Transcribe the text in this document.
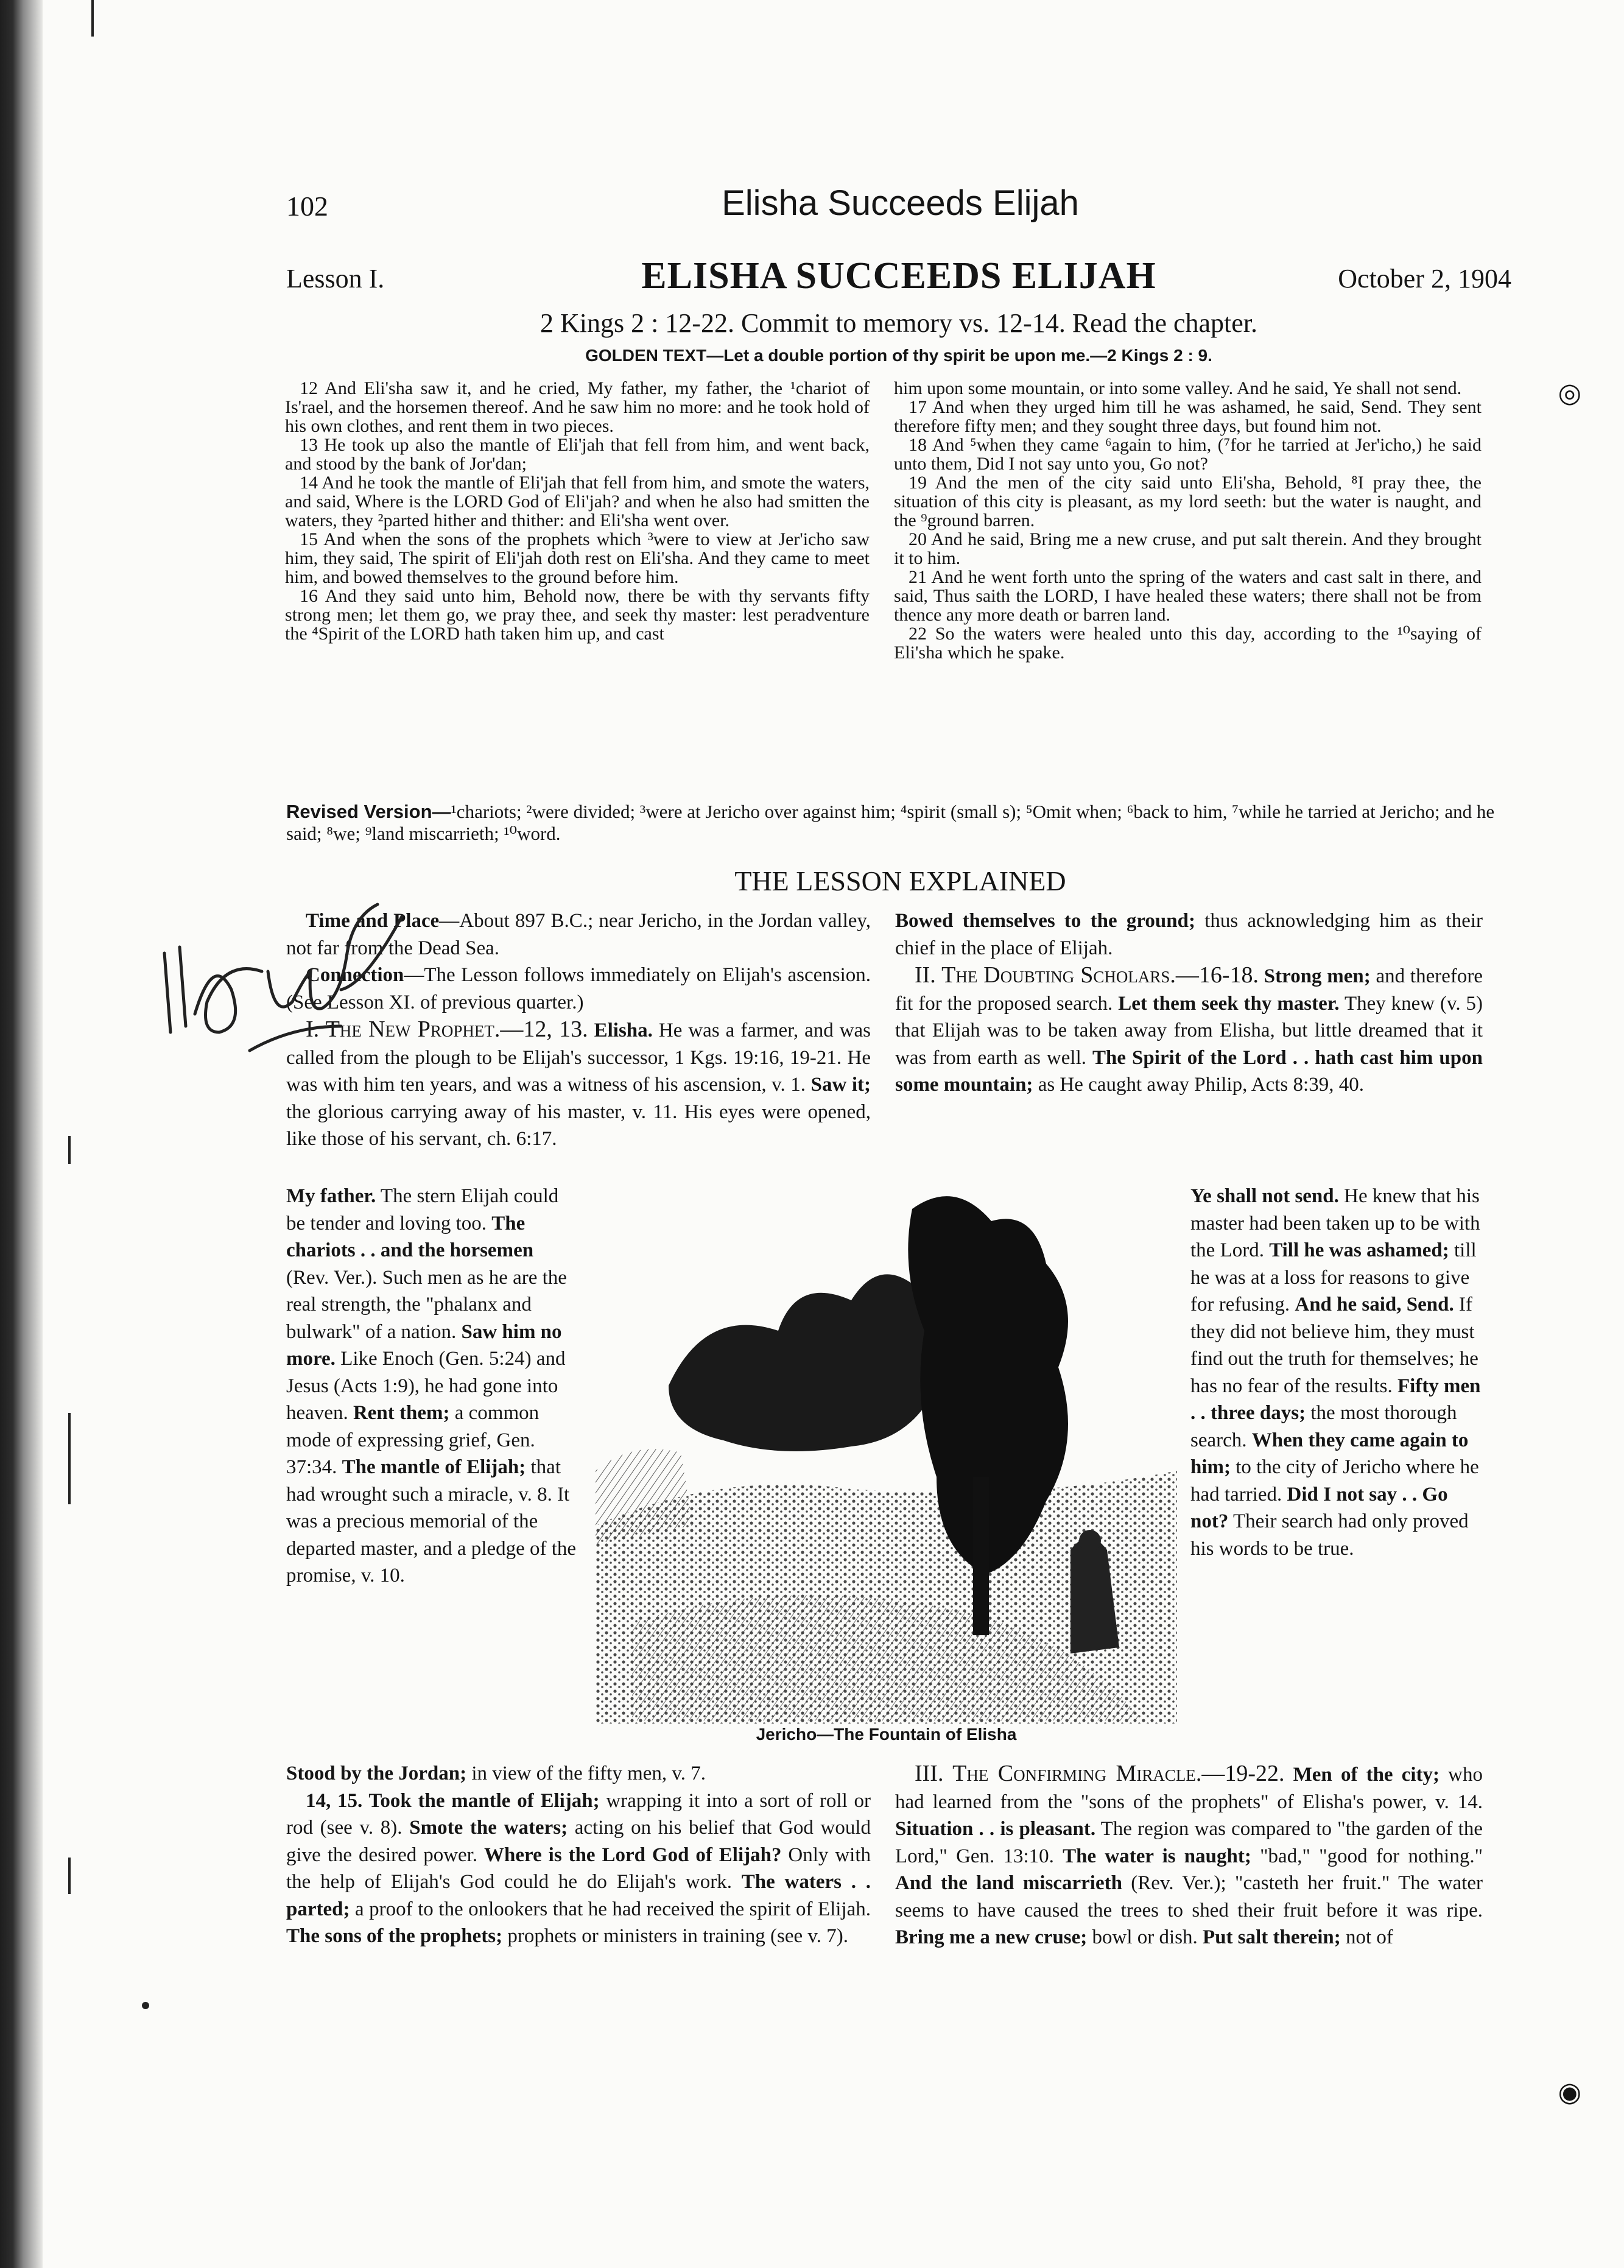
◎
◉
102	Elisha Succeeds Elijah
Lesson I.	ELISHA SUCCEEDS ELIJAH	October 2, 1904
2 Kings 2 : 12-22. Commit to memory vs. 12-14. Read the chapter.
GOLDEN TEXT—Let a double portion of thy spirit be upon me.—2 Kings 2 : 9.

12 And Eli'sha saw it, and he cried, My father, my father, the ¹chariot of Is'rael, and the horsemen thereof. And he saw him no more: and he took hold of his own clothes, and rent them in two pieces.

13 He took up also the mantle of Eli'jah that fell from him, and went back, and stood by the bank of Jor'dan;

14 And he took the mantle of Eli'jah that fell from him, and smote the waters, and said, Where is the LORD God of Eli'jah? and when he also had smitten the waters, they ²parted hither and thither: and Eli'sha went over.

15 And when the sons of the prophets which ³were to view at Jer'icho saw him, they said, The spirit of Eli'jah doth rest on Eli'sha. And they came to meet him, and bowed themselves to the ground before him.

16 And they said unto him, Behold now, there be with thy servants fifty strong men; let them go, we pray thee, and seek thy master: lest peradventure the ⁴Spirit of the LORD hath taken him up, and cast

him upon some mountain, or into some valley. And he said, Ye shall not send.

17 And when they urged him till he was ashamed, he said, Send. They sent therefore fifty men; and they sought three days, but found him not.

18 And ⁵when they came ⁶again to him, (⁷for he tarried at Jer'icho,) he said unto them, Did I not say unto you, Go not?

19 And the men of the city said unto Eli'sha, Behold, ⁸I pray thee, the situation of this city is pleasant, as my lord seeth: but the water is naught, and the ⁹ground barren.

20 And he said, Bring me a new cruse, and put salt therein. And they brought it to him.

21 And he went forth unto the spring of the waters and cast salt in there, and said, Thus saith the LORD, I have healed these waters; there shall not be from thence any more death or barren land.

22 So the waters were healed unto this day, according to the ¹⁰saying of Eli'sha which he spake.

Revised Version—¹chariots; ²were divided; ³were at Jericho over against him; ⁴spirit (small s); ⁵Omit when; ⁶back to him, ⁷while he tarried at Jericho; and he said; ⁸we; ⁹land miscarrieth; ¹⁰word.
THE LESSON EXPLAINED

Time and Place—About 897 B.C.; near Jericho, in the Jordan valley, not far from the Dead Sea.

Connection—The Lesson follows immediately on Elijah's ascension. (See Lesson XI. of previous quarter.)

I. The New Prophet.—12, 13. Elisha. He was a farmer, and was called from the plough to be Elijah's successor, 1 Kgs. 19:16, 19-21. He was with him ten years, and was a witness of his ascension, v. 1. Saw it; the glorious carrying away of his master, v. 11. His eyes were opened, like those of his servant, ch. 6:17.

My father. The stern Elijah could be tender and loving too. The chariots . . and the horsemen (Rev. Ver.). Such men as he are the real strength, the "phalanx and bulwark" of a nation. Saw him no more. Like Enoch (Gen. 5:24) and Jesus (Acts 1:9), he had gone into heaven. Rent them; a common mode of expressing grief, Gen. 37:34. The mantle of Elijah; that had wrought such a miracle, v. 8. It was a precious memorial of the departed master, and a pledge of the promise, v. 10.

Stood by the Jordan; in view of the fifty men, v. 7.

14, 15. Took the mantle of Elijah; wrapping it into a sort of roll or rod (see v. 8). Smote the waters; acting on his belief that God would give the desired power. Where is the Lord God of Elijah? Only with the help of Elijah's God could he do Elijah's work. The waters . . parted; a proof to the onlookers that he had received the spirit of Elijah. The sons of the prophets; prophets or ministers in training (see v. 7).

Bowed themselves to the ground; thus acknowledging him as their chief in the place of Elijah.

II. The Doubting Scholars.—16-18. Strong men; and therefore fit for the proposed search. Let them seek thy master. They knew (v. 5) that Elijah was to be taken away from Elisha, but little dreamed that it was from earth as well. The Spirit of the Lord . . hath cast him upon some mountain; as He caught away Philip, Acts 8:39, 40.

Ye shall not send. He knew that his master had been taken up to be with the Lord. Till he was ashamed; till he was at a loss for reasons to give for refusing. And he said, Send. If they did not believe him, they must find out the truth for themselves; he has no fear of the results. Fifty men . . three days; the most thorough search. When they came again to him; to the city of Jericho where he had tarried. Did I not say . . Go not? Their search had only proved his words to be true.

III. The Confirming Miracle.—19-22. Men of the city; who had learned from the "sons of the prophets" of Elisha's power, v. 14. Situation . . is pleasant. The region was compared to "the garden of the Lord," Gen. 13:10. The water is naught; "bad," "good for nothing." And the land miscarrieth (Rev. Ver.); "casteth her fruit." The water seems to have caused the trees to shed their fruit before it was ripe. Bring me a new cruse; bowl or dish. Put salt therein; not of

Jericho—The Fountain of Elisha
